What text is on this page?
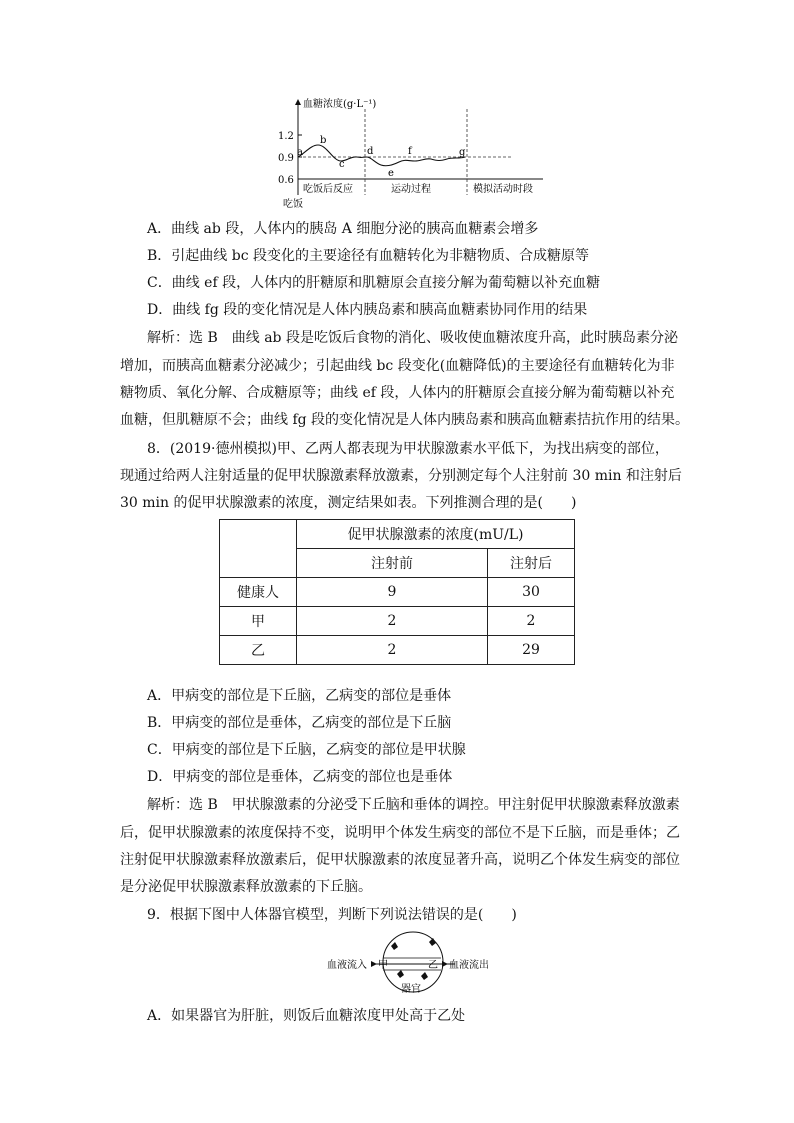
1.2
0.9
0.6
血糖浓度(g·L⁻¹)
a
b
c
d
e
f	g
吃饭后反应	运动过程	模拟活动时段
吃饭
A．曲线 ab 段，人体内的胰岛 A 细胞分泌的胰高血糖素会增多
B．引起曲线 bc 段变化的主要途径有血糖转化为非糖物质、合成糖原等
C．曲线 ef 段，人体内的肝糖原和肌糖原会直接分解为葡萄糖以补充血糖
D．曲线 fg 段的变化情况是人体内胰岛素和胰高血糖素协同作用的结果
解析：选 B　曲线 ab 段是吃饭后食物的消化、吸收使血糖浓度升高，此时胰岛素分泌
增加，而胰高血糖素分泌减少；引起曲线 bc 段变化(血糖降低)的主要途径有血糖转化为非
糖物质、氧化分解、合成糖原等；曲线 ef 段，人体内的肝糖原会直接分解为葡萄糖以补充
血糖，但肌糖原不会；曲线 fg 段的变化情况是人体内胰岛素和胰高血糖素拮抗作用的结果。
8．(2019·德州模拟)甲、乙两人都表现为甲状腺激素水平低下，为找出病变的部位，
现通过给两人注射适量的促甲状腺激素释放激素，分别测定每个人注射前 30 min 和注射后
30 min 的促甲状腺激素的浓度，测定结果如表。下列推测合理的是(　　)
	促甲状腺激素的浓度(mU/L)	
	注射前	注射后
健康人	9	30
甲	2	2
乙	2	29
A．甲病变的部位是下丘脑，乙病变的部位是垂体
B．甲病变的部位是垂体，乙病变的部位是下丘脑
C．甲病变的部位是下丘脑，乙病变的部位是甲状腺
D．甲病变的部位是垂体，乙病变的部位也是垂体
解析：选 B　甲状腺激素的分泌受下丘脑和垂体的调控。甲注射促甲状腺激素释放激素
后，促甲状腺激素的浓度保持不变，说明甲个体发生病变的部位不是下丘脑，而是垂体；乙
注射促甲状腺激素释放激素后，促甲状腺激素的浓度显著升高，说明乙个体发生病变的部位
是分泌促甲状腺激素释放激素的下丘脑。
9．根据下图中人体器官模型，判断下列说法错误的是(　　)
血液流入 甲	乙 血液流出
器官
A．如果器官为肝脏，则饭后血糖浓度甲处高于乙处
